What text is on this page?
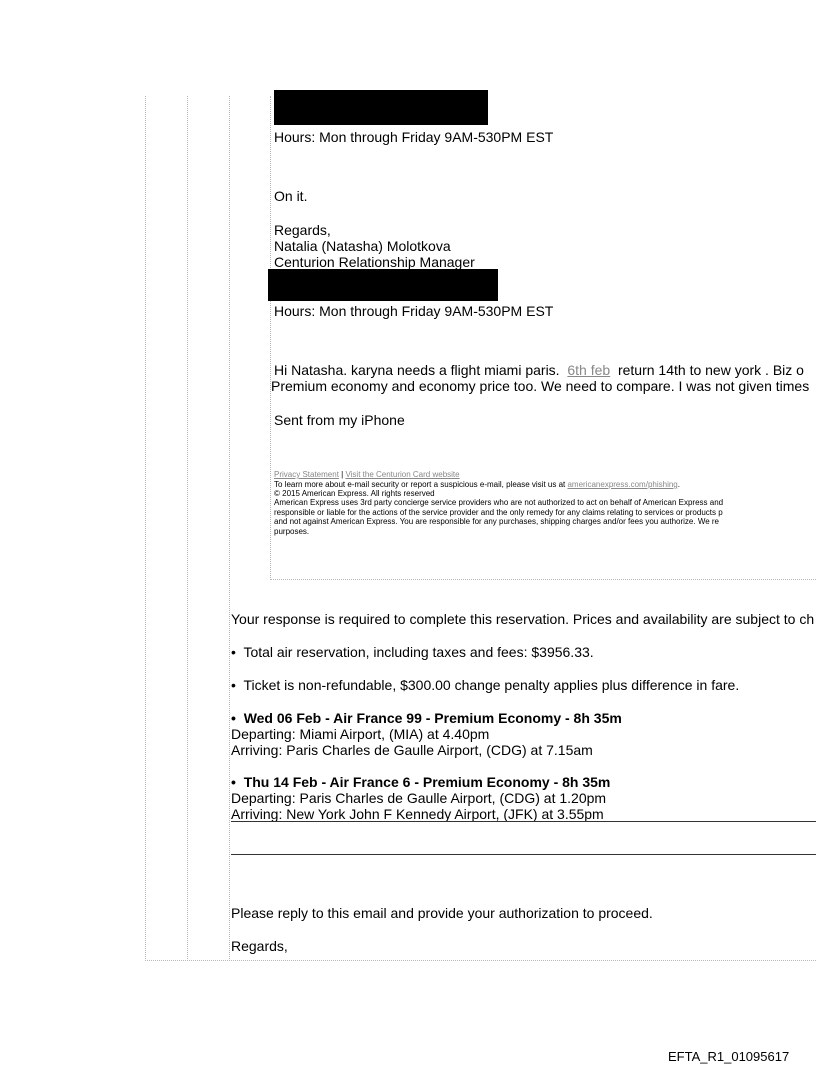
Hours: Mon through Friday 9AM-530PM EST
On it.
Regards,
Natalia (Natasha) Molotkova
Centurion Relationship Manager
Hours: Mon through Friday 9AM-530PM EST
Hi Natasha. karyna needs a flight miami paris. 6th feb return 14th to new york . Biz o
Premium economy and economy price too. We need to compare. I was not given times
Sent from my iPhone
Privacy Statement | Visit the Centurion Card website
To learn more about e-mail security or report a suspicious e-mail, please visit us at americanexpress.com/phishing.
© 2015 American Express. All rights reserved
American Express uses 3rd party concierge service providers who are not authorized to act on behalf of American Express and
responsible or liable for the actions of the service provider and the only remedy for any claims relating to services or products p
and not against American Express. You are responsible for any purchases, shipping charges and/or fees you authorize. We re
purposes.
Your response is required to complete this reservation. Prices and availability are subject to ch
• Total air reservation, including taxes and fees: $3956.33.
• Ticket is non-refundable, $300.00 change penalty applies plus difference in fare.
• Wed 06 Feb - Air France 99 - Premium Economy - 8h 35m
Departing: Miami Airport, (MIA) at 4.40pm
Arriving: Paris Charles de Gaulle Airport, (CDG) at 7.15am
• Thu 14 Feb - Air France 6 - Premium Economy - 8h 35m
Departing: Paris Charles de Gaulle Airport, (CDG) at 1.20pm
Arriving: New York John F Kennedy Airport, (JFK) at 3.55pm
Please reply to this email and provide your authorization to proceed.
Regards,
EFTA_R1_01095617
